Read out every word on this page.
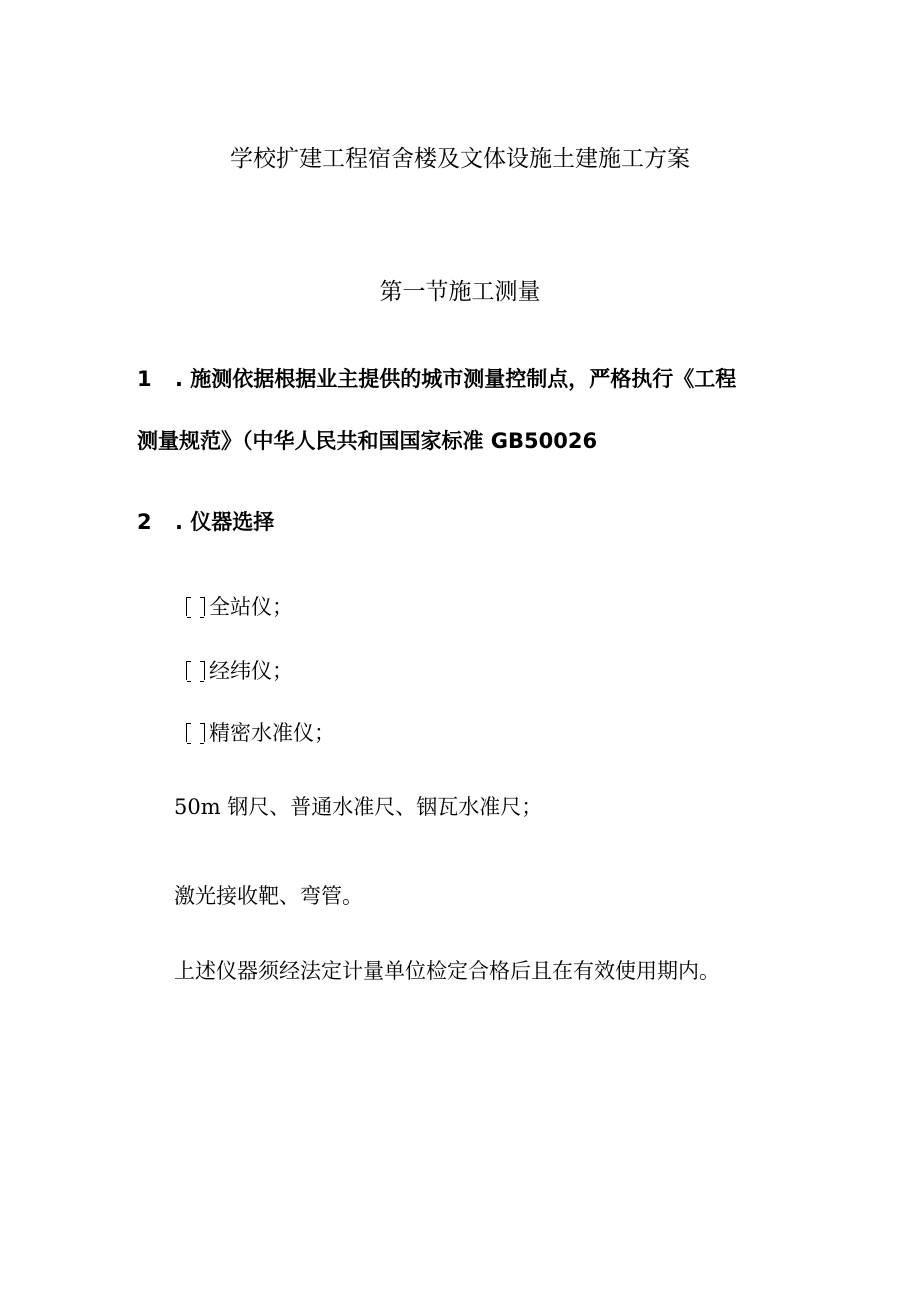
学校扩建工程宿舍楼及文体设施土建施工方案
第一节施工测量
1 . 施测依据根据业主提供的城市测量控制点，严格执行《工程
测量规范》（中华人民共和国国家标准 GB50026
2 . 仪器选择
全站仪；
经纬仪；
精密水准仪；
50m 钢尺、普通水准尺、铟瓦水准尺；
激光接收靶、弯管。
上述仪器须经法定计量单位检定合格后且在有效使用期内。
